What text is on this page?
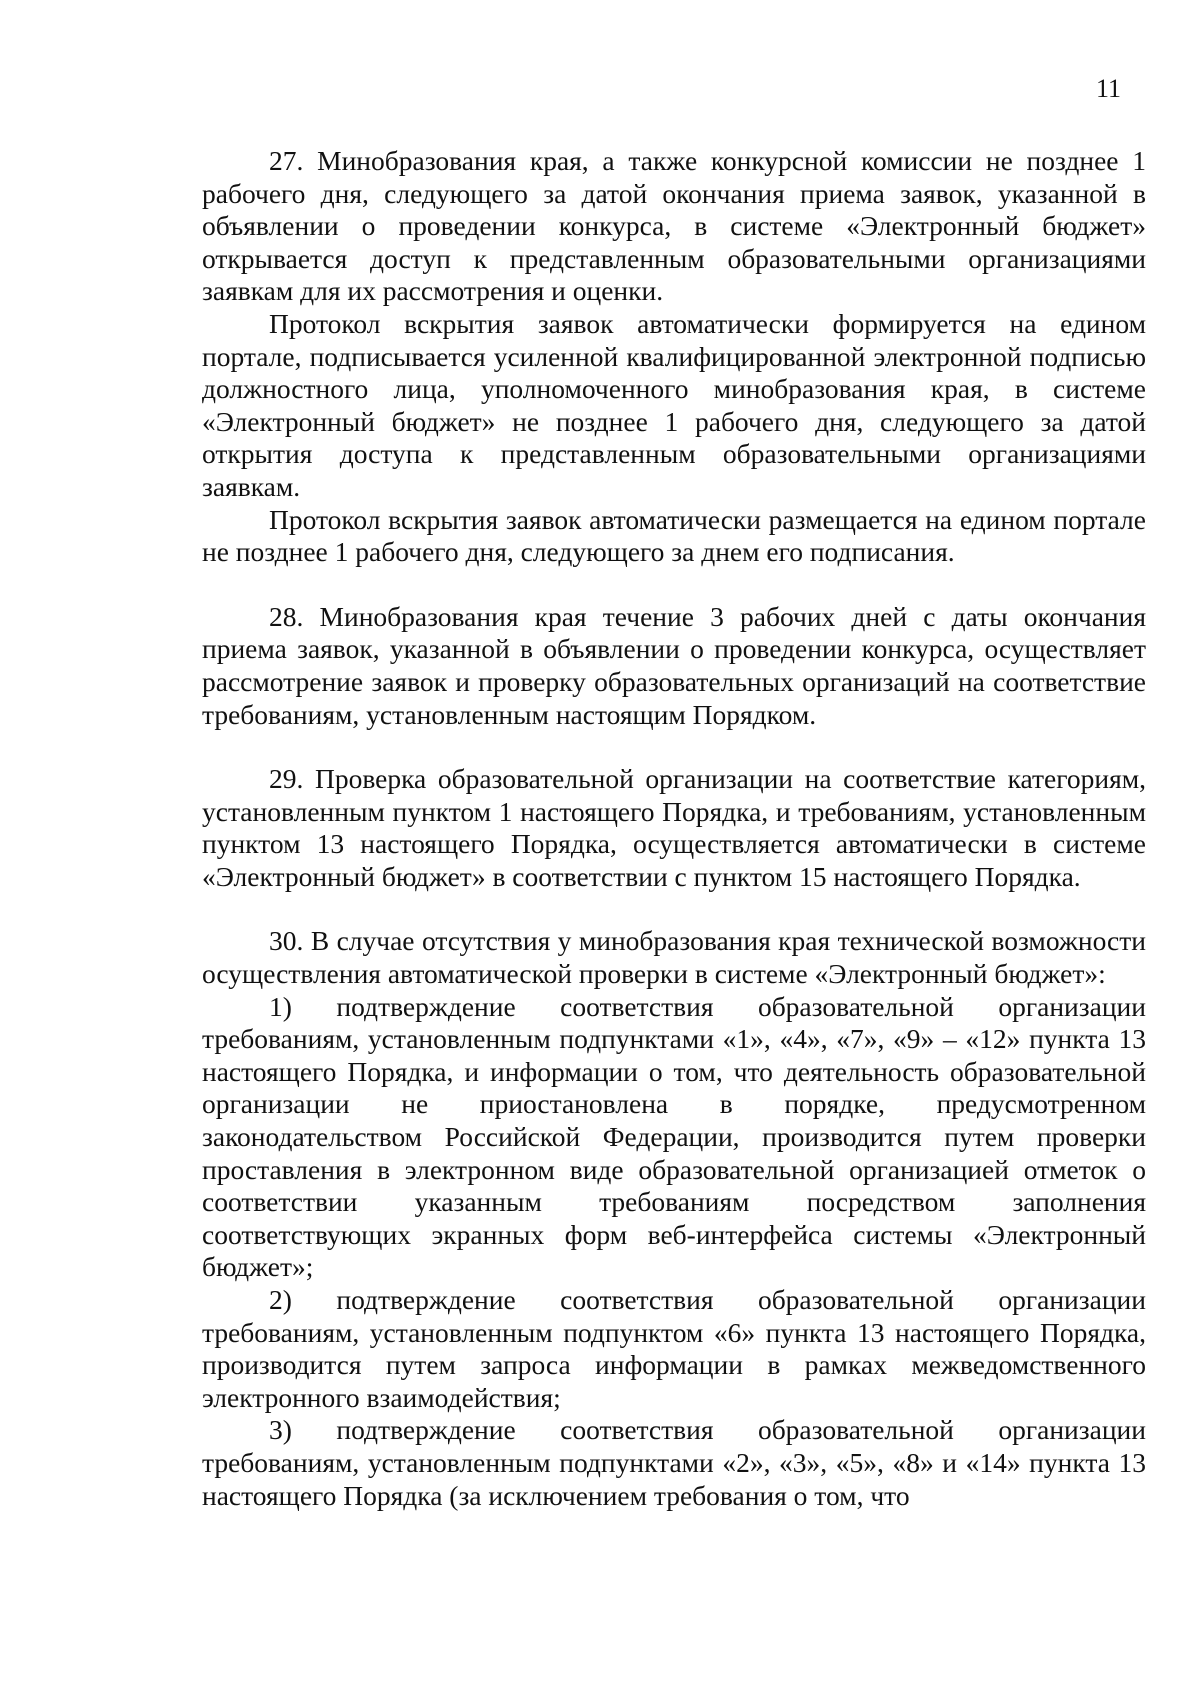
11

27. Минобразования края, а также конкурсной комиссии не позднее 1 рабочего дня, следующего за датой окончания приема заявок, указанной в объявлении о проведении конкурса, в системе «Электронный бюджет» открывается доступ к представленным образовательными организациями заявкам для их рассмотрения и оценки.

Протокол вскрытия заявок автоматически формируется на едином портале, подписывается усиленной квалифицированной электронной подписью должностного лица, уполномоченного минобразования края, в системе «Электронный бюджет» не позднее 1 рабочего дня, следующего за датой открытия доступа к представленным образовательными организациями заявкам.

Протокол вскрытия заявок автоматически размещается на едином портале не позднее 1 рабочего дня, следующего за днем его подписания.

28. Минобразования края течение 3 рабочих дней с даты окончания приема заявок, указанной в объявлении о проведении конкурса, осуществляет рассмотрение заявок и проверку образовательных организаций на соответствие требованиям, установленным настоящим Порядком.

29. Проверка образовательной организации на соответствие категориям, установленным пунктом 1 настоящего Порядка, и требованиям, установленным пунктом 13 настоящего Порядка, осуществляется автоматически в системе «Электронный бюджет» в соответствии с пунктом 15 настоящего Порядка.

30. В случае отсутствия у минобразования края технической возможности осуществления автоматической проверки в системе «Электронный бюджет»:

1) подтверждение соответствия образовательной организации требованиям, установленным подпунктами «1», «4», «7», «9» – «12» пункта 13 настоящего Порядка, и информации о том, что деятельность образовательной организации не приостановлена в порядке, предусмотренном законодательством Российской Федерации, производится путем проверки проставления в электронном виде образовательной организацией отметок о соответствии указанным требованиям посредством заполнения соответствующих экранных форм веб-интерфейса системы «Электронный бюджет»;

2) подтверждение соответствия образовательной организации требованиям, установленным подпунктом «6» пункта 13 настоящего Порядка, производится путем запроса информации в рамках межведомственного электронного взаимодействия;

3) подтверждение соответствия образовательной организации требованиям, установленным подпунктами «2», «3», «5», «8» и «14» пункта 13 настоящего Порядка (за исключением требования о том, что
